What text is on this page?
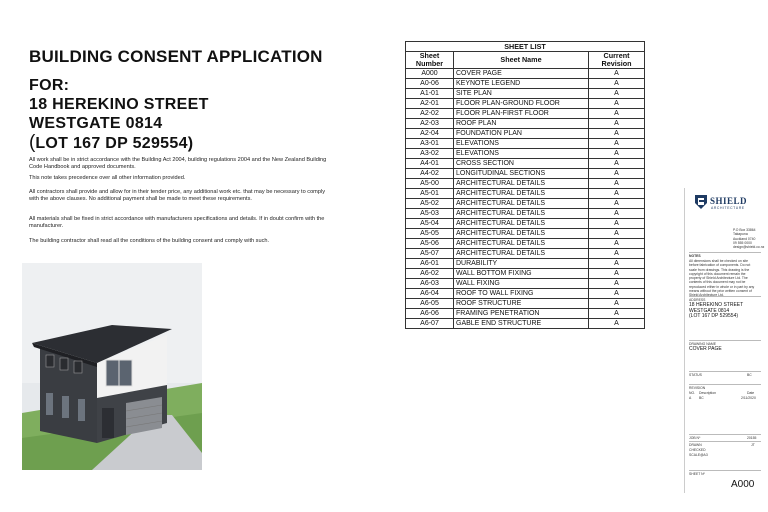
BUILDING CONSENT APPLICATION
FOR:
18 HEREKINO STREET
WESTGATE 0814
(LOT 167 DP 529554)
All work shall be in strict accordance with the Building Act 2004, building regulations 2004 and the New Zealand Building Code Handbook and approved documents.
This note takes precedence over all other information provided.
All contractors shall provide and allow for in their tender price, any additional work etc. that may be necessary to comply with the above clauses. No additional payment shall be made to meet these requirements.
All materials shall be fixed in strict accordance with manufacturers specifications and details. If in doubt confirm with the manufacturer.
The building contractor shall read all the conditions of the building consent and comply with such.
SHEET LIST		
Sheet Number	Sheet Name	Current Revision
A000	COVER PAGE	A
A0-06	KEYNOTE LEGEND	A
A1-01	SITE PLAN	A
A2-01	FLOOR PLAN-GROUND FLOOR	A
A2-02	FLOOR PLAN-FIRST FLOOR	A
A2-03	ROOF PLAN	A
A2-04	FOUNDATION PLAN	A
A3-01	ELEVATIONS	A
A3-02	ELEVATIONS	A
A4-01	CROSS SECTION	A
A4-02	LONGITUDINAL SECTIONS	A
A5-00	ARCHITECTURAL DETAILS	A
A5-01	ARCHITECTURAL DETAILS	A
A5-02	ARCHITECTURAL DETAILS	A
A5-03	ARCHITECTURAL DETAILS	A
A5-04	ARCHITECTURAL DETAILS	A
A5-05	ARCHITECTURAL DETAILS	A
A5-06	ARCHITECTURAL DETAILS	A
A5-07	ARCHITECTURAL DETAILS	A
A6-01	DURABILITY	A
A6-02	WALL BOTTOM FIXING	A
A6-03	WALL FIXING	A
A6-04	ROOF TO WALL FIXING	A
A6-05	ROOF STRUCTURE	A
A6-06	FRAMING PENETRATION	A
A6-07	GABLE END STRUCTURE	A
SHIELD
ARCHITECTURE
P.O Box 33864
Takapuna
Auckland 0740
09 555 0000
design@shield.co.nz
NOTES
All dimensions shall be checked on site before fabrication of components. Do not scale from drawings. This drawing is the copyright of this document remain the property of Shield Architecture Ltd. The contents of this document may not be reproduced either in whole or in part by any means without the prior written consent of
ADDRESS
18 HEREKINO STREET
WESTGATE 0814
(LOT 167 DP 529554)
DRAWING NAME
COVER PAGE
STATUS	BC
REVISION
NO. Description	Date
A BC	2/11/2020
JOB Nº	20155
DRAWN	JT
CHECKED
SCALE@A3
SHEET Nº
A000
